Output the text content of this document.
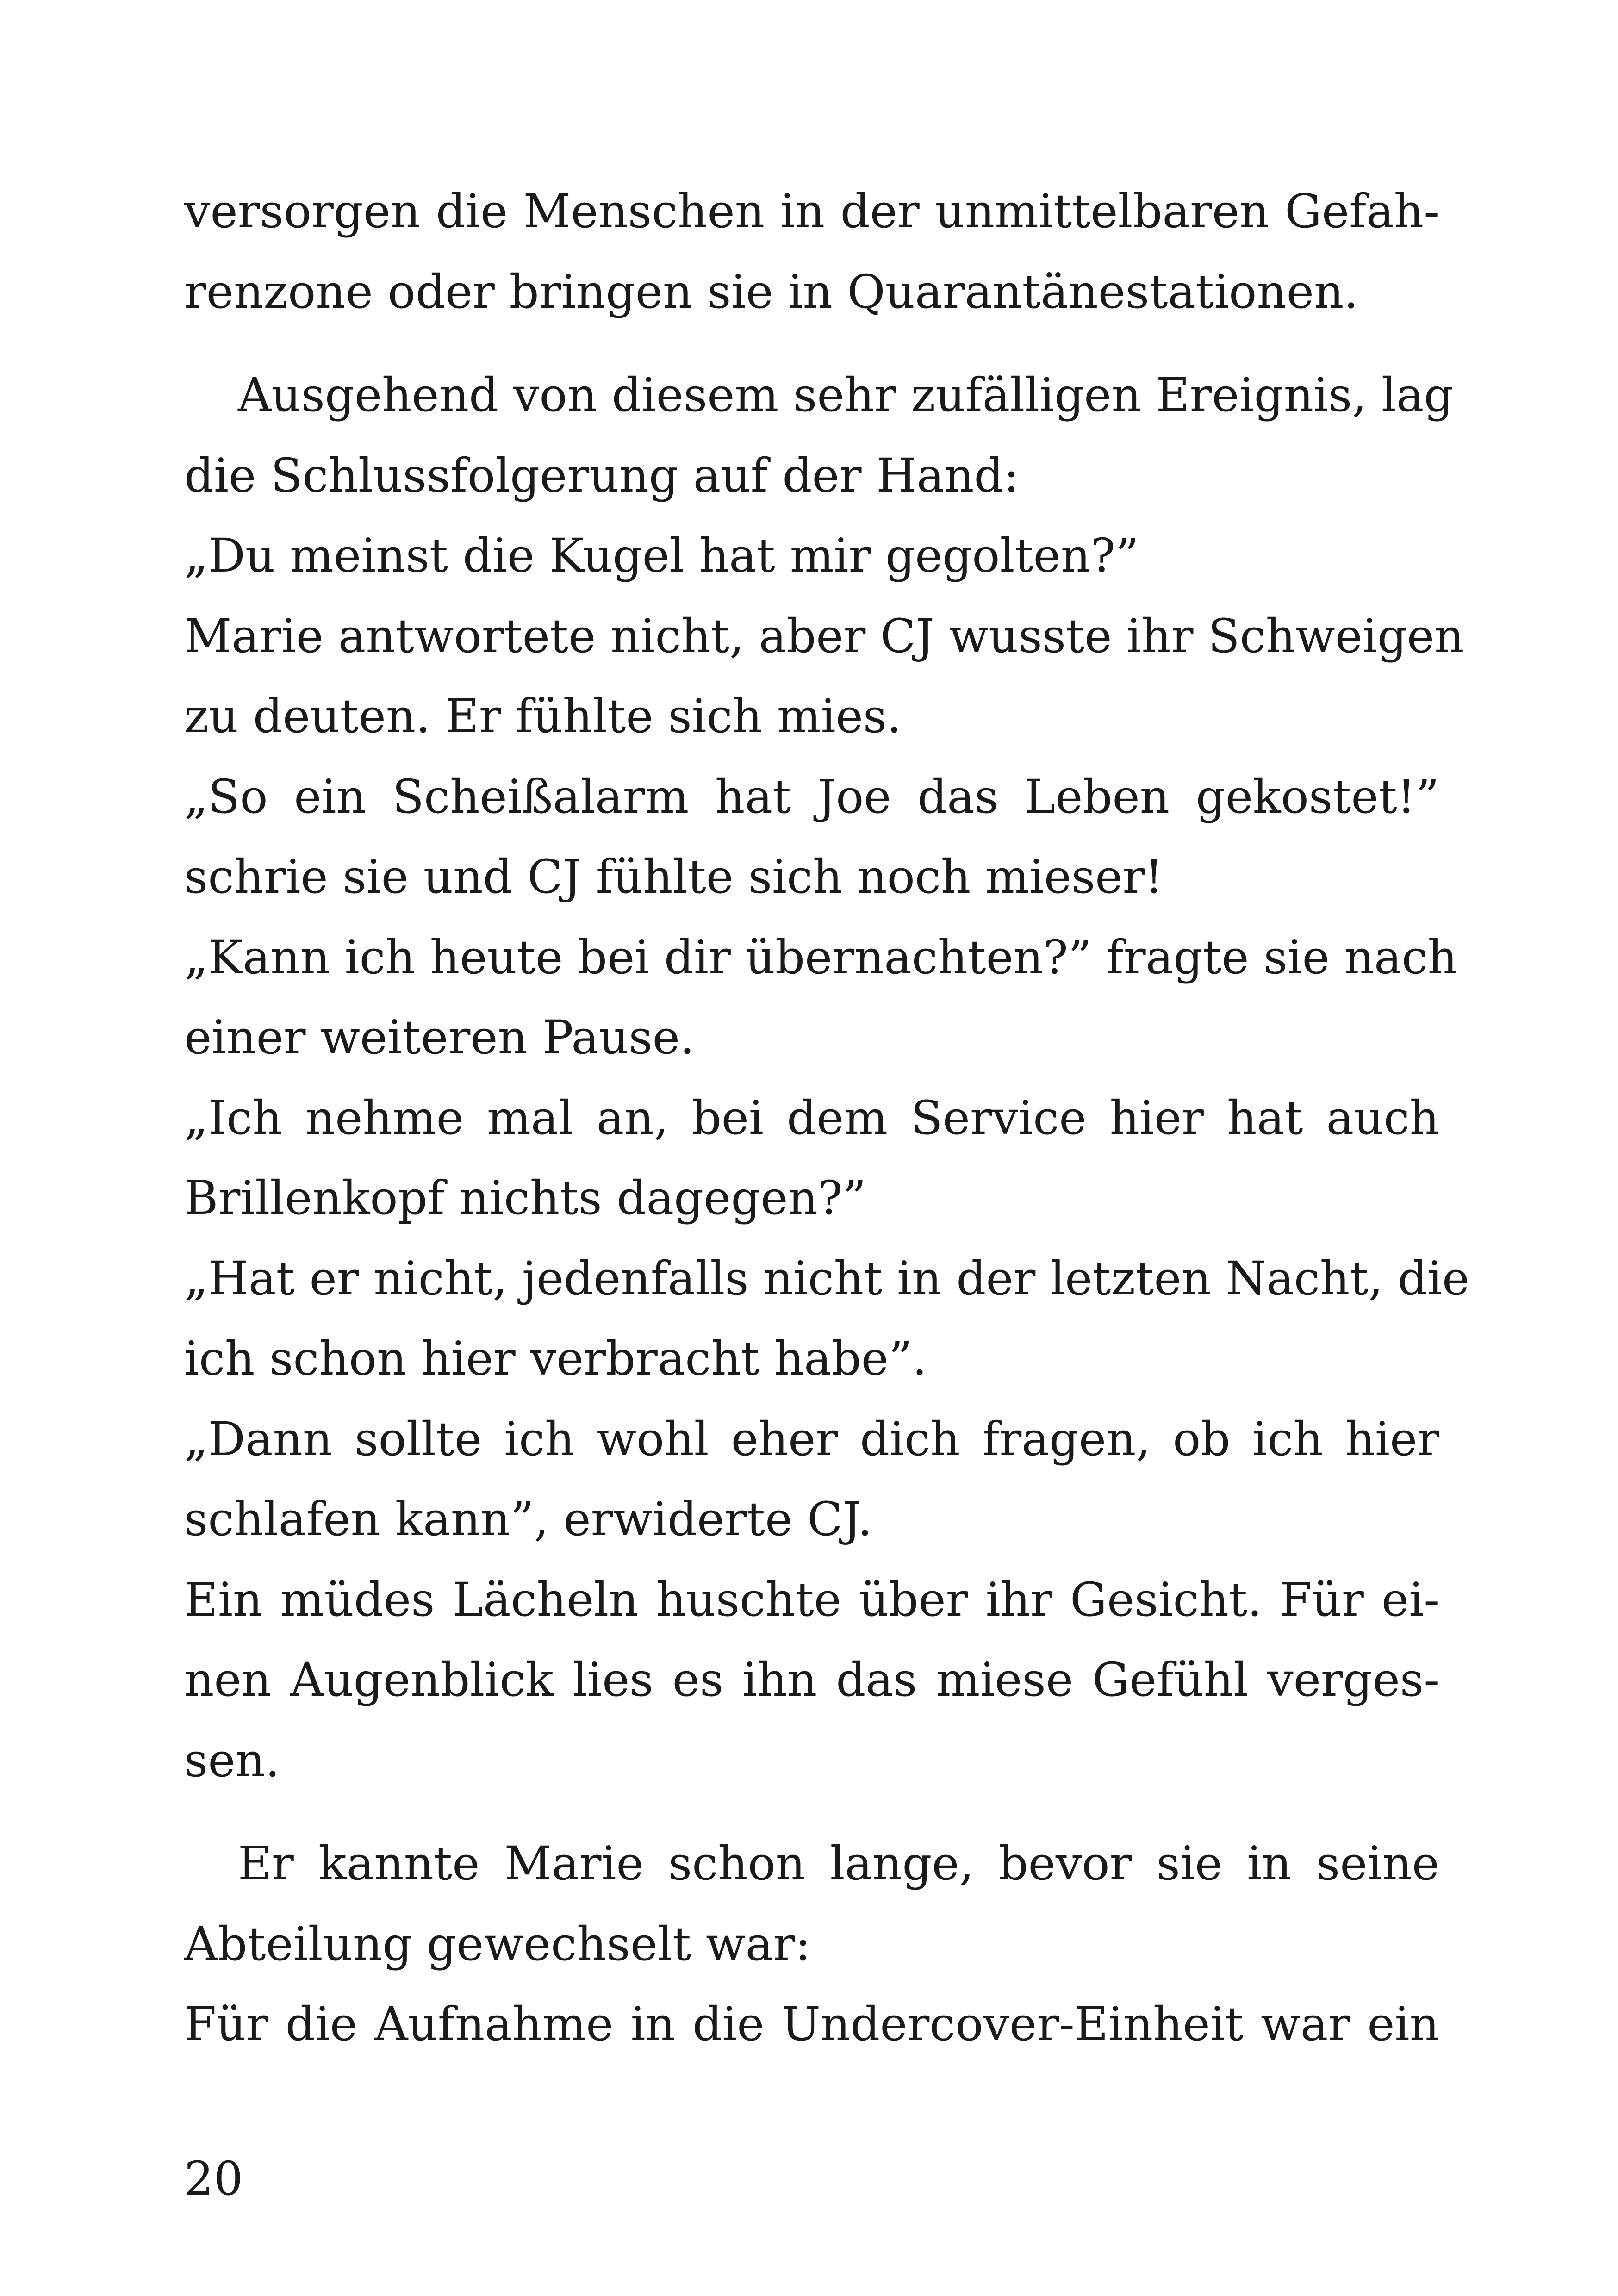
versorgen die Menschen in der unmittelbaren Gefah-
renzone oder bringen sie in Quarantänestationen.
Ausgehend von diesem sehr zufälligen Ereignis, lag
die Schlussfolgerung auf der Hand:
„Du meinst die Kugel hat mir gegolten?”
Marie antwortete nicht, aber CJ wusste ihr Schweigen
zu deuten. Er fühlte sich mies.
„So ein Scheißalarm hat Joe das Leben gekostet!”
schrie sie und CJ fühlte sich noch mieser!
„Kann ich heute bei dir übernachten?” fragte sie nach
einer weiteren Pause.
„Ich nehme mal an, bei dem Service hier hat auch
Brillenkopf nichts dagegen?”
„Hat er nicht, jedenfalls nicht in der letzten Nacht, die
ich schon hier verbracht habe”.
„Dann sollte ich wohl eher dich fragen, ob ich hier
schlafen kann”, erwiderte CJ.
Ein müdes Lächeln huschte über ihr Gesicht. Für ei-
nen Augenblick lies es ihn das miese Gefühl verges-
sen.
Er kannte Marie schon lange, bevor sie in seine
Abteilung gewechselt war:
Für die Aufnahme in die Undercover-Einheit war ein
20
